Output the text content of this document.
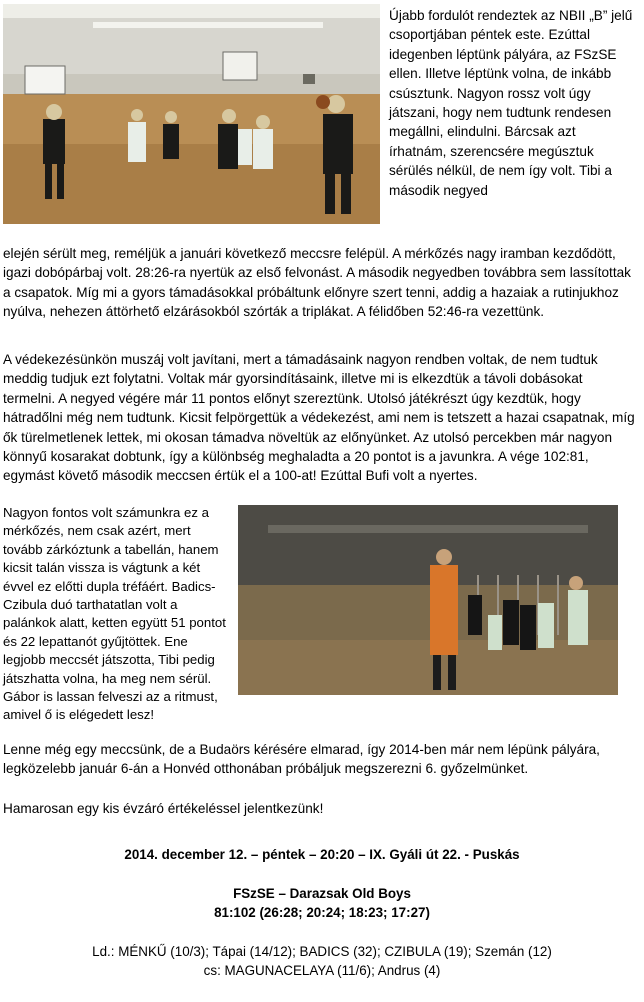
Újabb fordulót rendeztek az NBII „B” jelű csoportjában péntek este. Ezúttal idegenben léptünk pályára, az FSzSE ellen. Illetve léptünk volna, de inkább csúsztunk. Nagyon rossz volt úgy játszani, hogy nem tudtunk rendesen megállni, elindulni. Bárcsak azt írhatnám, szerencsére megúsztuk sérülés nélkül, de nem így volt. Tibi a második negyed

elején sérült meg, reméljük a januári következő meccsre felépül. A mérkőzés nagy iramban kezdődött, igazi dobópárbaj volt. 28:26-ra nyertük az első felvonást. A második negyedben továbbra sem lassítottak a csapatok. Míg mi a gyors támadásokkal próbáltunk előnyre szert tenni, addig a hazaiak a rutinjukhoz nyúlva, nehezen áttörhető elzárásokból szórták a triplákat. A félidőben 52:46-ra vezettünk.

A védekezésünkön muszáj volt javítani, mert a támadásaink nagyon rendben voltak, de nem tudtuk meddig tudjuk ezt folytatni. Voltak már gyorsindításaink, illetve mi is elkezdtük a távoli dobásokat termelni. A negyed végére már 11 pontos előnyt szereztünk. Utolsó játékrészt úgy kezdtük, hogy hátradőlni még nem tudtunk. Kicsit felpörgettük a védekezést, ami nem is tetszett a hazai csapatnak, míg ők türelmetlenek lettek, mi okosan támadva növeltük az előnyünket. Az utolsó percekben már nagyon könnyű kosarakat dobtunk, így a különbség meghaladta a 20 pontot is a javunkra. A vége 102:81, egymást követő második meccsen értük el a 100-at! Ezúttal Bufi volt a nyertes.

Nagyon fontos volt számunkra ez a mérkőzés, nem csak azért, mert tovább zárkóztunk a tabellán, hanem kicsit talán vissza is vágtunk a két évvel ez előtti dupla tréfáért. Badics-Czibula duó tarthatatlan volt a palánkok alatt, ketten együtt 51 pontot és 22 lepattanót gyűjtöttek. Ene legjobb meccsét játszotta, Tibi pedig játszhatta volna, ha meg nem sérül. Gábor is lassan felveszi az a ritmust, amivel ő is elégedett lesz!

Lenne még egy meccsünk, de a Budaörs kérésére elmarad, így 2014-ben már nem lépünk pályára, legközelebb január 6-án a Honvéd otthonában próbáljuk megszerezni 6. győzelmünket.

Hamarosan egy kis évzáró értékeléssel jelentkezünk!

2014. december 12. – péntek – 20:20 – IX. Gyáli út 22. - Puskás
FSzSE – Darazsak Old Boys
81:102 (26:28; 20:24; 18:23; 17:27)
Ld.: MÉNKŰ (10/3); Tápai (14/12); BADICS (32); CZIBULA (19); Szemán (12)
cs: MAGUNACELAYA (11/6); Andrus (4)
